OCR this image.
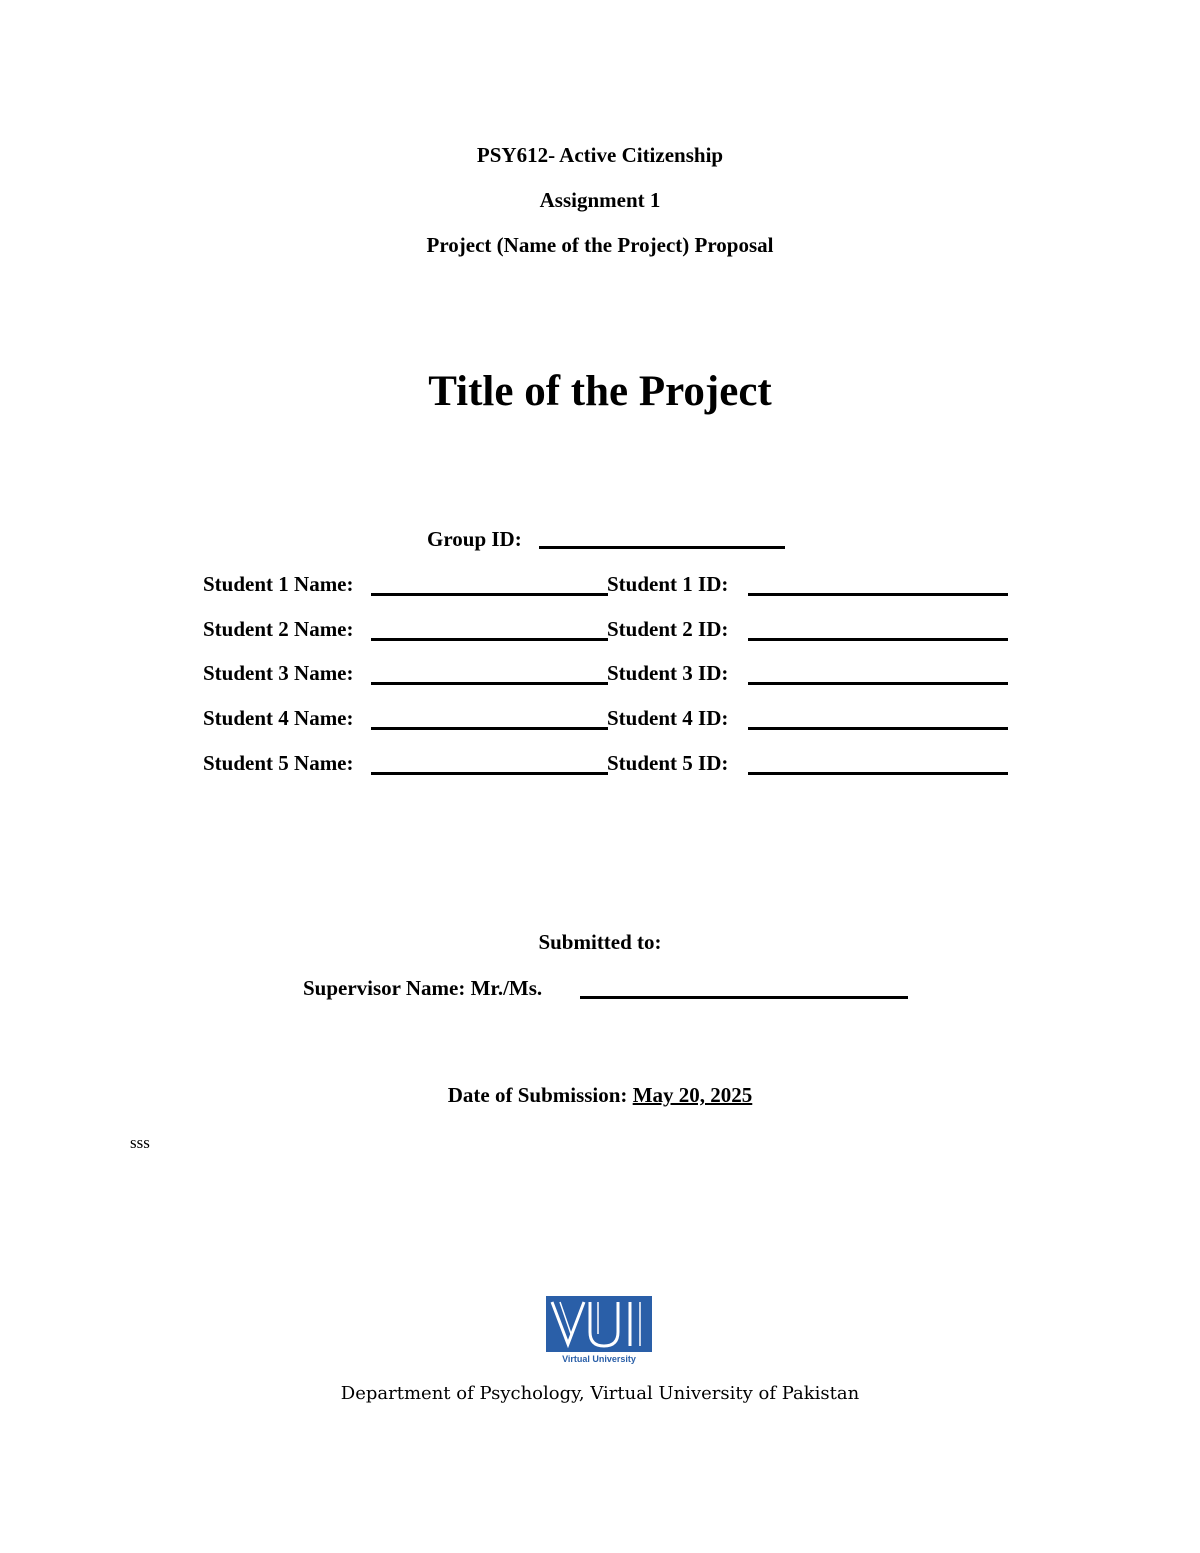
PSY612- Active Citizenship
Assignment 1
Project (Name of the Project) Proposal
Title of the Project
Group ID:
Student 1 Name:	Student 1 ID:
Student 2 Name:	Student 2 ID:
Student 3 Name:	Student 3 ID:
Student 4 Name:	Student 4 ID:
Student 5 Name:	Student 5 ID:
Submitted to:
Supervisor Name: Mr./Ms.
Date of Submission: May 20, 2025
sss
Virtual University
Department of Psychology, Virtual University of Pakistan
